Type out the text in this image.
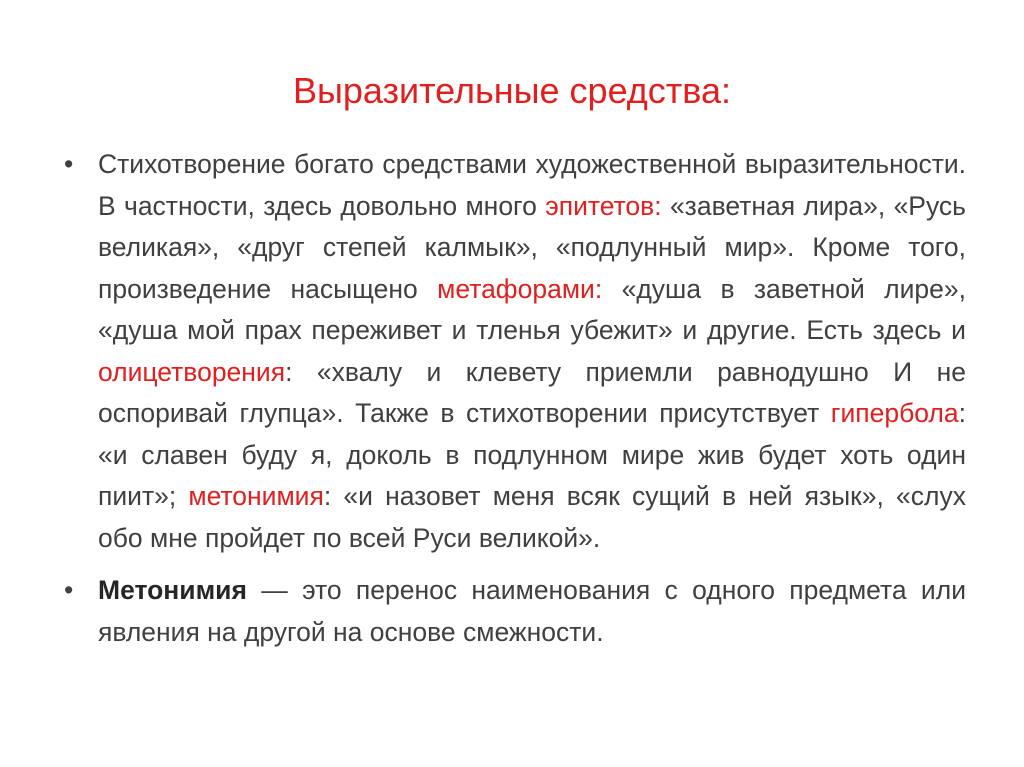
Выразительные средства:
• Стихотворение богато средствами художественной выразительности. В частности, здесь довольно много эпитетов: «заветная лира», «Русь великая», «друг степей калмык», «подлунный мир». Кроме того, произведение насыщено метафорами: «душа в заветной лире», «душа мой прах переживет и тленья убежит» и другие. Есть здесь и олицетворения: «хвалу и клевету приемли равнодушно И не оспоривай глупца». Также в стихотворении присутствует гипербола: «и славен буду я, доколь в подлунном мире жив будет хоть один пиит»; метонимия: «и назовет меня всяк сущий в ней язык», «слух обо мне пройдет по всей Руси великой».
• Метонимия — это перенос наименования с одного предмета или явления на другой на основе смежности.
